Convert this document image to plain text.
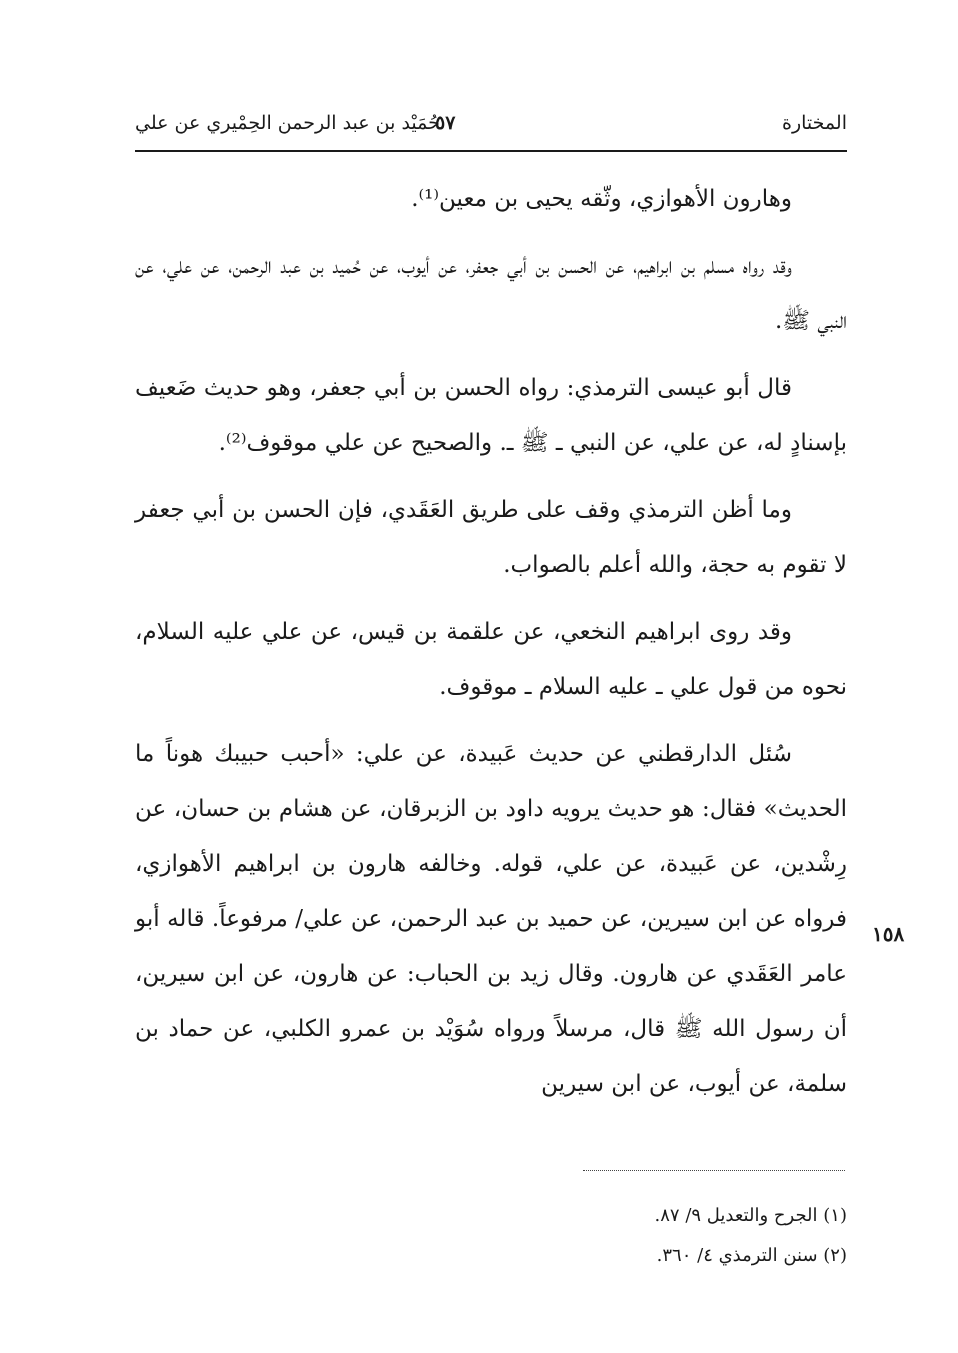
المختارة
٥٧
حُمَيْد بن عبد الرحمن الحِمْيري عن علي

وهارون الأهوازي، وثّقه يحيى بن معين⁽¹⁾.

وقد رواه مسلم بن ابراهيم، عن الحسن بن أبي جعفر، عن أيوب، عن حُميد بن عبد الرحمن، عن علي، عن النبي ﷺ.

قال أبو عيسى الترمذي: رواه الحسن بن أبي جعفر، وهو حديث ضَعيف بإسنادٍ له، عن علي، عن النبي ـ ﷺ ـ. والصحيح عن علي موقوف⁽²⁾.

وما أظن الترمذي وقف على طريق العَقَدي، فإن الحسن بن أبي جعفر لا تقوم به حجة، والله أعلم بالصواب.

وقد روى ابراهيم النخعي، عن علقمة بن قيس، عن علي عليه السلام، نحوه من قول علي ـ عليه السلام ـ موقوف.

سُئل الدارقطني عن حديث عَبيدة، عن علي: «أحبب حبيبك هوناً ما الحديث» فقال: هو حديث يرويه داود بن الزبرقان، عن هشام بن حسان، عن رِشْدين، عن عَبيدة، عن علي، قوله. وخالفه هارون بن ابراهيم الأهوازي، فرواه عن ابن سيرين، عن حميد بن عبد الرحمن، عن علي/ مرفوعاً. قاله أبو عامر العَقَدي عن هارون. وقال زيد بن الحباب: عن هارون، عن ابن سيرين، أن رسول الله ﷺ قال، مرسلاً ورواه سُوَيْد بن عمرو الكلبي، عن حماد بن سلمة، عن أيوب، عن ابن سيرين

١٥٨
(١) الجرح والتعديل ٩/ ٨٧.
(٢) سنن الترمذي ٤/ ٣٦٠.
